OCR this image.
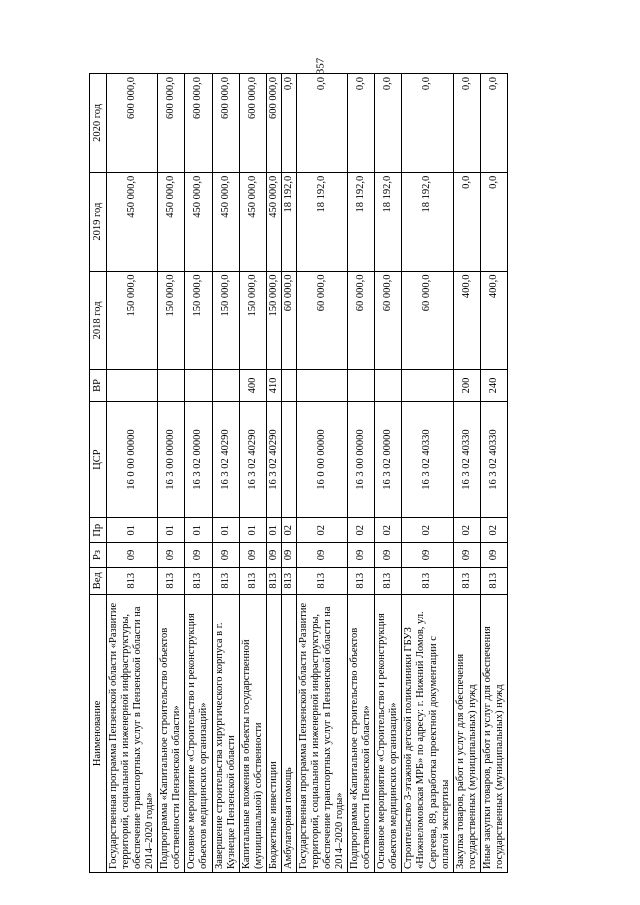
357
Наименование	Вед	Рз	Пр	ЦСР	ВР	2018 год	2019 год	2020 год
Государственная программа Пензенской области «Развитие территорий, социальной и инженерной инфраструктуры, обеспечение транспортных услуг в Пензенской области на 2014–2020 годы»	813	09	01	16 0 00 00000		150 000,0	450 000,0	600 000,0
Подпрограмма «Капитальное строительство объектов собственности Пензенской области»	813	09	01	16 3 00 00000		150 000,0	450 000,0	600 000,0
Основное мероприятие «Строительство и реконструкция объектов медицинских организаций»	813	09	01	16 3 02 00000		150 000,0	450 000,0	600 000,0
Завершение строительства хирургического корпуса в г. Кузнецке Пензенской области	813	09	01	16 3 02 40290		150 000,0	450 000,0	600 000,0
Капитальные вложения в объекты государственной (муниципальной) собственности	813	09	01	16 3 02 40290	400	150 000,0	450 000,0	600 000,0
Бюджетные инвестиции	813	09	01	16 3 02 40290	410	150 000,0	450 000,0	600 000,0
Амбулаторная помощь	813	09	02			60 000,0	18 192,0	0,0
Государственная программа Пензенской области «Развитие территорий, социальной и инженерной инфраструктуры, обеспечение транспортных услуг в Пензенской области на 2014–2020 годы»	813	09	02	16 0 00 00000		60 000,0	18 192,0	0,0
Подпрограмма «Капитальное строительство объектов собственности Пензенской области»	813	09	02	16 3 00 00000		60 000,0	18 192,0	0,0
Основное мероприятие «Строительство и реконструкция объектов медицинских организаций»	813	09	02	16 3 02 00000		60 000,0	18 192,0	0,0
Строительство 3-этажной детской поликлиники ГБУЗ «Нижнеломовская МРБ» по адресу: г. Нижний Ломов, ул. Сергеева, 89, разработка проектной документации с оплатой экспертизы	813	09	02	16 3 02 40330		60 000,0	18 192,0	0,0
Закупка товаров, работ и услуг для обеспечения государственных (муниципальных) нужд	813	09	02	16 3 02 40330	200	400,0	0,0	0,0
Иные закупки товаров, работ и услуг для обеспечения государственных (муниципальных) нужд	813	09	02	16 3 02 40330	240	400,0	0,0	0,0
